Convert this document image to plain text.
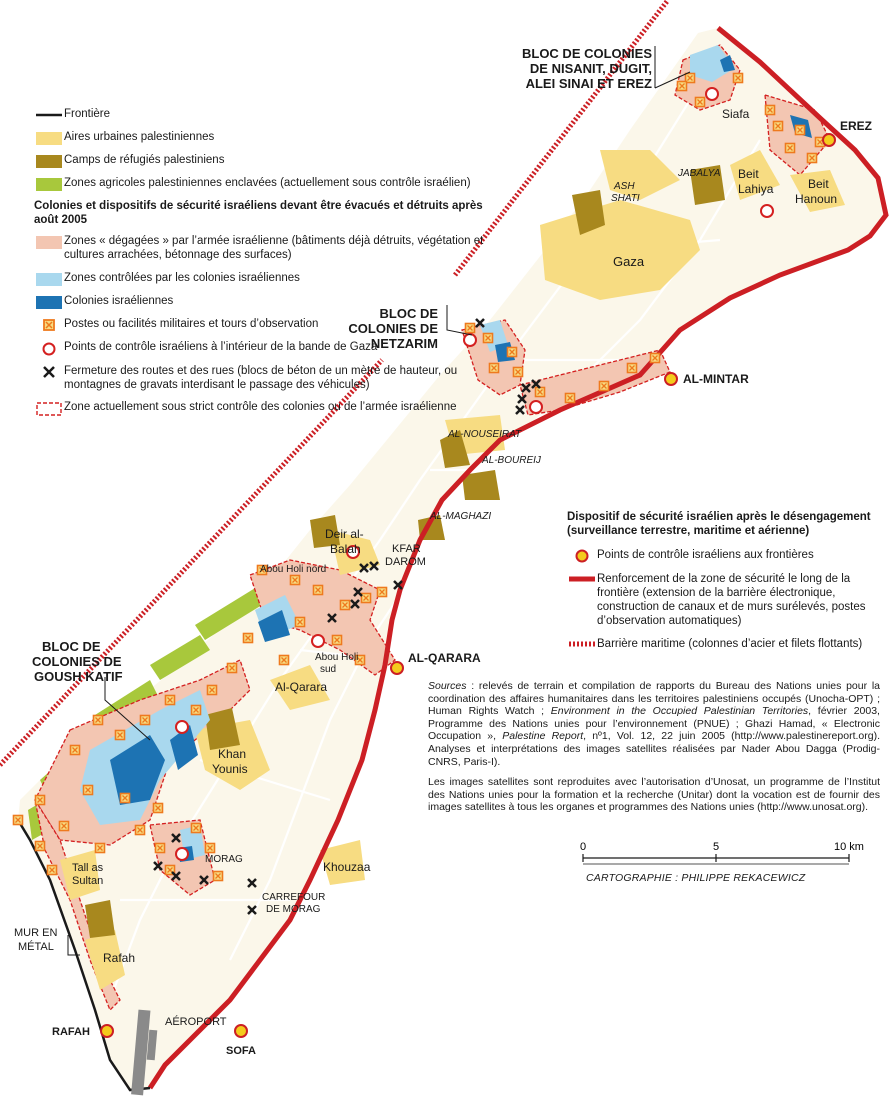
BLOC DE COLONIES
DE NISANIT, DUGIT,
ALEI SINAI ET EREZ
Siafa
EREZ
Beit
Lahiya	Beit
Hanoun
JABALYA
ASH
SHATI
Gaza
BLOC DE
COLONIES DE
NETZARIM
AL-MINTAR
AL-NOUSEIRAT
AL-BOUREIJ
AL-MAGHAZI
Deir al-
Balah	KFAR
DAROM
Abou Holi nord
Abou Holi
sud
AL-QARARA
Al-Qarara
BLOC DE
COLONIES DE
GOUSH KATIF
Khan
Younis
MORAG
Tall as
Sultan
Khouzaa
CARREFOUR
DE MORAG
MUR EN
MÉTAL
Rafah
RAFAH
AÉROPORT
SOFA
Frontière
Aires urbaines palestiniennes
Camps de réfugiés palestiniens
Zones agricoles palestiniennes enclavées (actuellement sous contrôle israélien)
Colonies et dispositifs de sécurité israéliens devant être évacués et détruits après août 2005
Zones « dégagées » par l’armée israélienne (bâtiments déjà détruits, végétation et cultures arrachées, bétonnage des surfaces)
Zones contrôlées par les colonies israéliennes
Colonies israéliennes
Postes ou facilités militaires et tours d’observation
Points de contrôle israéliens à l’intérieur de la bande de Gaza
Fermeture des routes et des rues (blocs de béton de un mètre de hauteur, ou montagnes de gravats interdisant le passage des véhicules)
Zone actuellement sous strict contrôle des colonies ou de l’armée israélienne
Dispositif de sécurité israélien après le désengagement (surveillance terrestre, maritime et aérienne)
Points de contrôle israéliens aux frontières
Renforcement de la zone de sécurité le long de la frontière (extension de la barrière électronique, construction de canaux et de murs surélevés, postes d’observation automatiques)
Barrière maritime (colonnes d’acier et filets flottants)

Sources : relevés de terrain et compilation de rapports du Bureau des Nations unies pour la coordination des affaires humanitaires dans les territoires palestiniens occupés (Unocha-OPT) ; Human Rights Watch ; Environment in the Occupied Palestinian Territories, février 2003, Programme des Nations unies pour l’environnement (PNUE) ; Ghazi Hamad, « Electronic Occupation », Palestine Report, nº1, Vol. 12, 22 juin 2005 (http://www.palestinereport.org). Analyses et interprétations des images satellites réalisées par Nader Abou Dagga (Prodig-CNRS, Paris-I).

Les images satellites sont reproduites avec l’autorisation d’Unosat, un programme de l’Institut des Nations unies pour la formation et la recherche (Unitar) dont la vocation est de fournir des images satellites à tous les organes et programmes des Nations unies (http://www.unosat.org).

0	5	10 km
CARTOGRAPHIE : PHILIPPE REKACEWICZ
